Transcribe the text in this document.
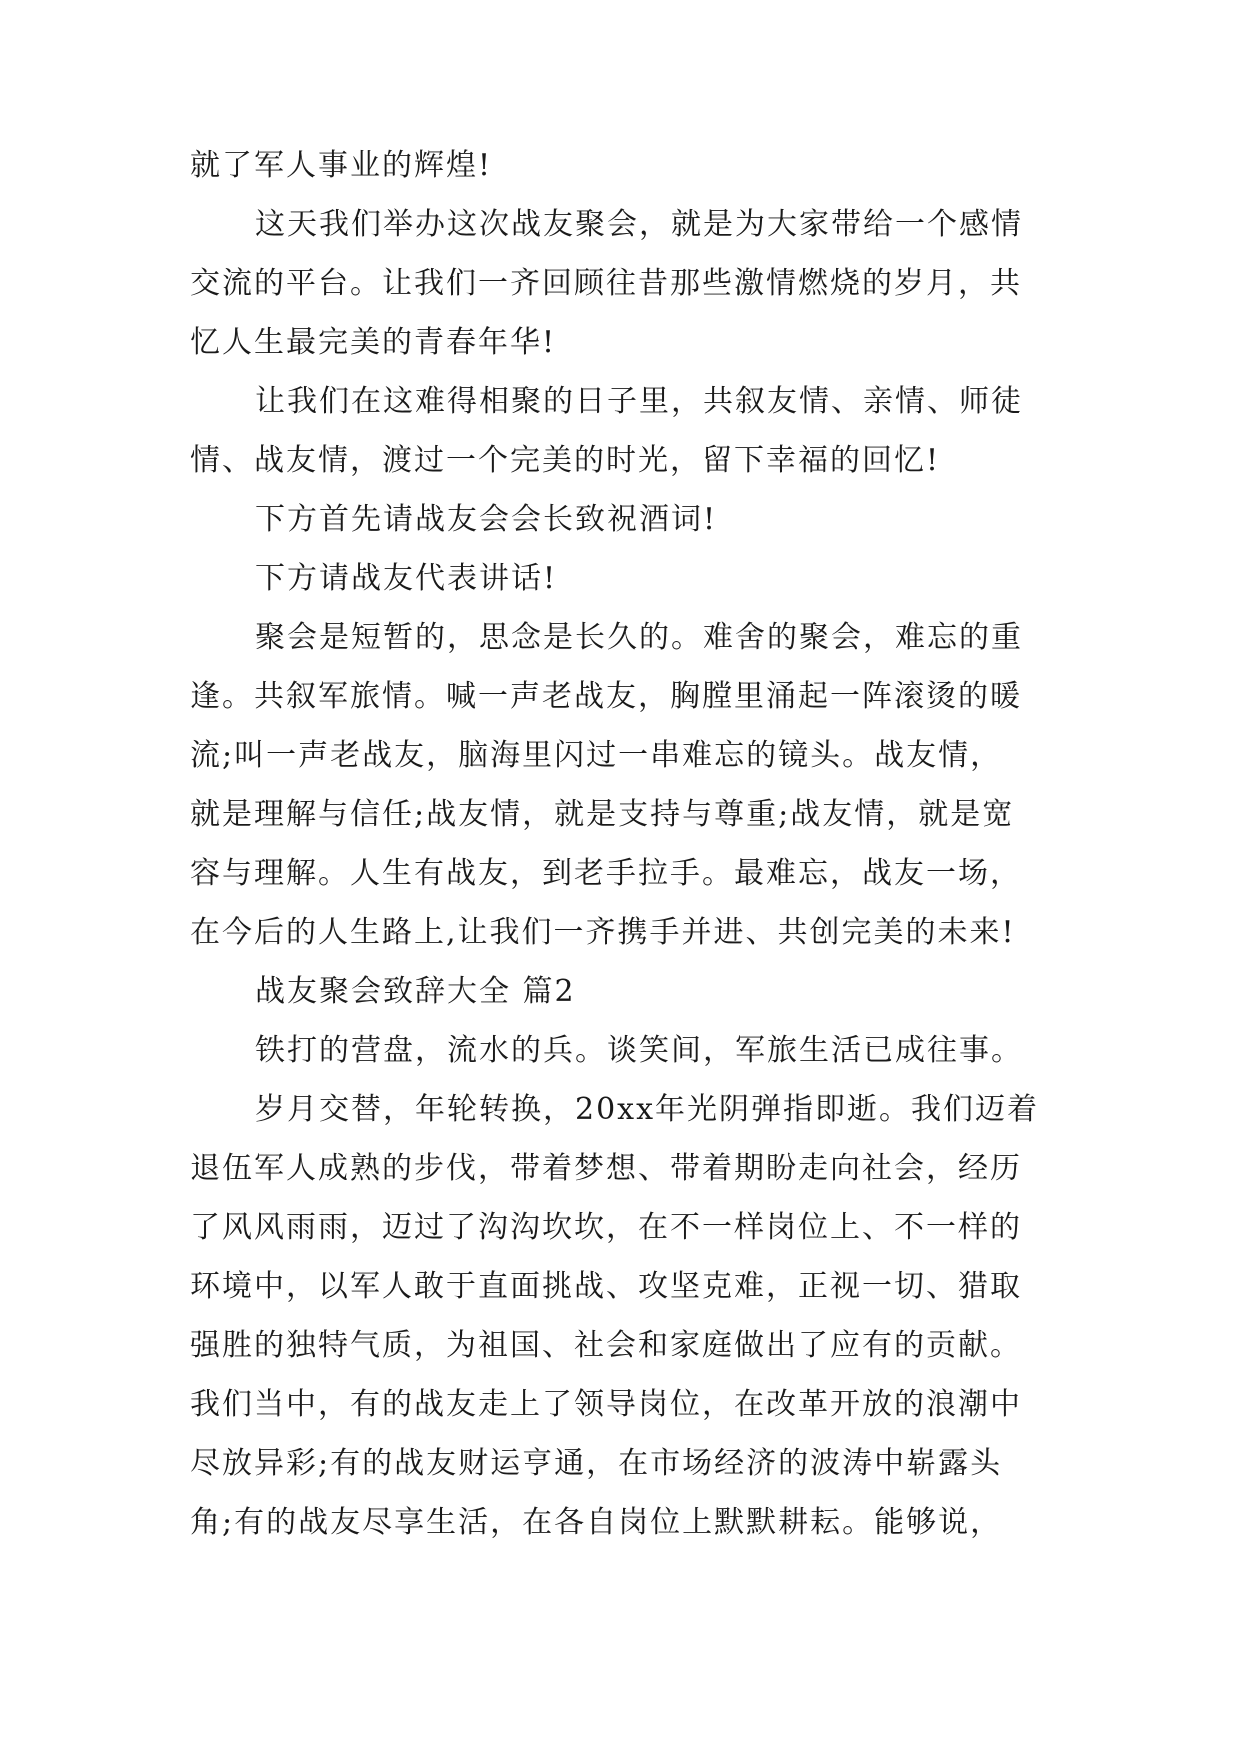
就了军人事业的辉煌!
这天我们举办这次战友聚会，就是为大家带给一个感情
交流的平台。让我们一齐回顾往昔那些激情燃烧的岁月，共
忆人生最完美的青春年华!
让我们在这难得相聚的日子里，共叙友情、亲情、师徒
情、战友情，渡过一个完美的时光，留下幸福的回忆!
下方首先请战友会会长致祝酒词!
下方请战友代表讲话!
聚会是短暂的，思念是长久的。难舍的聚会，难忘的重
逢。共叙军旅情。喊一声老战友，胸膛里涌起一阵滚烫的暖
流;叫一声老战友，脑海里闪过一串难忘的镜头。战友情，
就是理解与信任;战友情，就是支持与尊重;战友情，就是宽
容与理解。人生有战友，到老手拉手。最难忘，战友一场，
在今后的人生路上,让我们一齐携手并进、共创完美的未来!
战友聚会致辞大全 篇2
铁打的营盘，流水的兵。谈笑间，军旅生活已成往事。
岁月交替，年轮转换，20xx年光阴弹指即逝。我们迈着
退伍军人成熟的步伐，带着梦想、带着期盼走向社会，经历
了风风雨雨，迈过了沟沟坎坎，在不一样岗位上、不一样的
环境中，以军人敢于直面挑战、攻坚克难，正视一切、猎取
强胜的独特气质，为祖国、社会和家庭做出了应有的贡献。
我们当中，有的战友走上了领导岗位，在改革开放的浪潮中
尽放异彩;有的战友财运亨通，在市场经济的波涛中崭露头
角;有的战友尽享生活，在各自岗位上默默耕耘。能够说，
